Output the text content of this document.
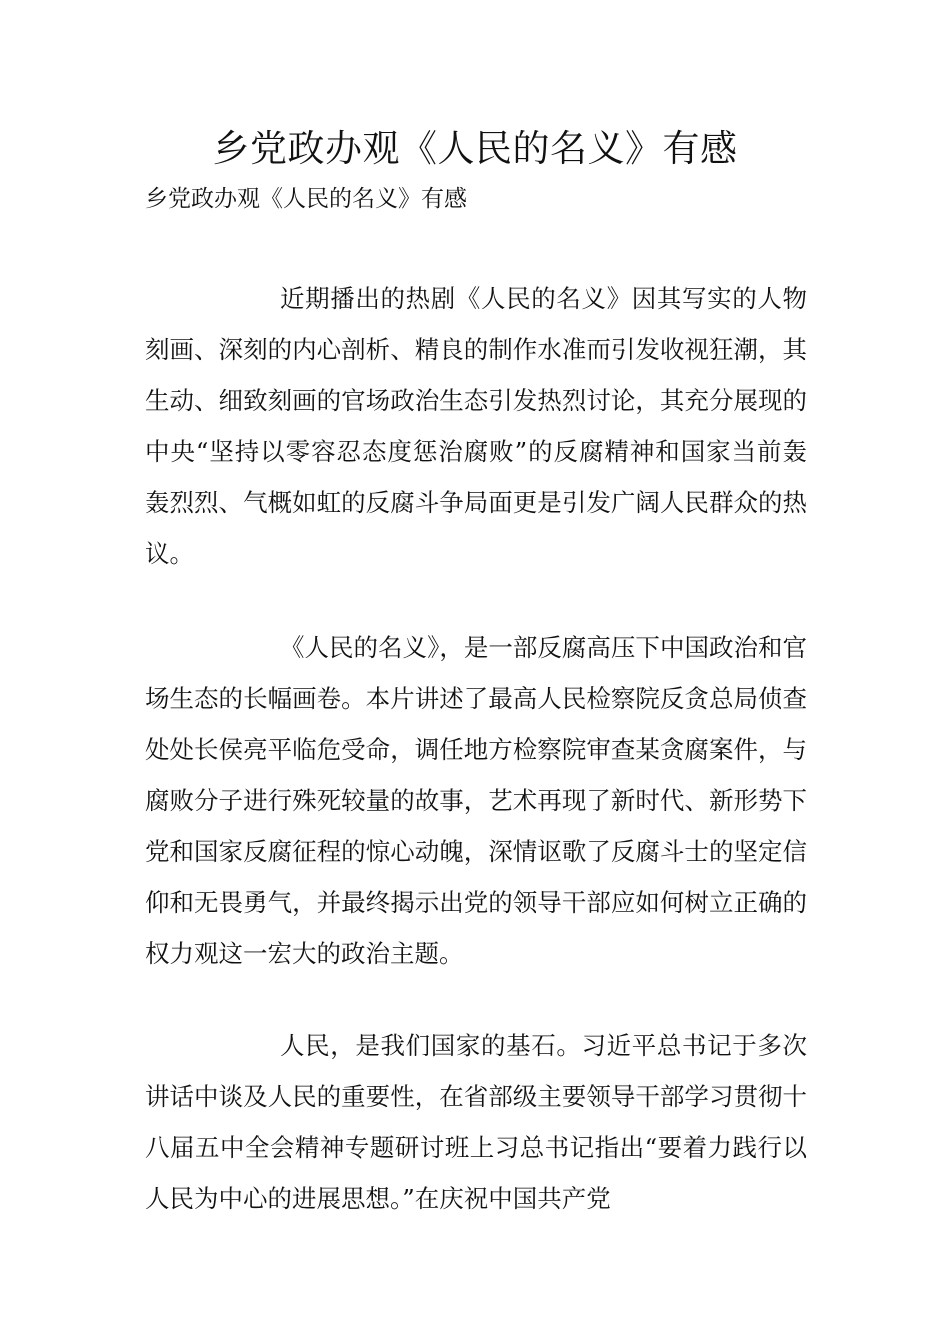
乡党政办观《人民的名义》有感

乡党政办观《人民的名义》有感

近期播出的热剧《人民的名义》因其写实的人物刻画、深刻的内心剖析、精良的制作水准而引发收视狂潮，其生动、细致刻画的官场政治生态引发热烈讨论，其充分展现的中央“坚持以零容忍态度惩治腐败”的反腐精神和国家当前轰轰烈烈、气概如虹的反腐斗争局面更是引发广阔人民群众的热议。

《人民的名义》，是一部反腐高压下中国政治和官场生态的长幅画卷。本片讲述了最高人民检察院反贪总局侦查处处长侯亮平临危受命，调任地方检察院审查某贪腐案件，与腐败分子进行殊死较量的故事，艺术再现了新时代、新形势下党和国家反腐征程的惊心动魄，深情讴歌了反腐斗士的坚定信仰和无畏勇气，并最终揭示出党的领导干部应如何树立正确的权力观这一宏大的政治主题。

人民，是我们国家的基石。习近平总书记于多次讲话中谈及人民的重要性，在省部级主要领导干部学习贯彻十八届五中全会精神专题研讨班上习总书记指出“要着力践行以人民为中心的进展思想。”在庆祝中国共产党
